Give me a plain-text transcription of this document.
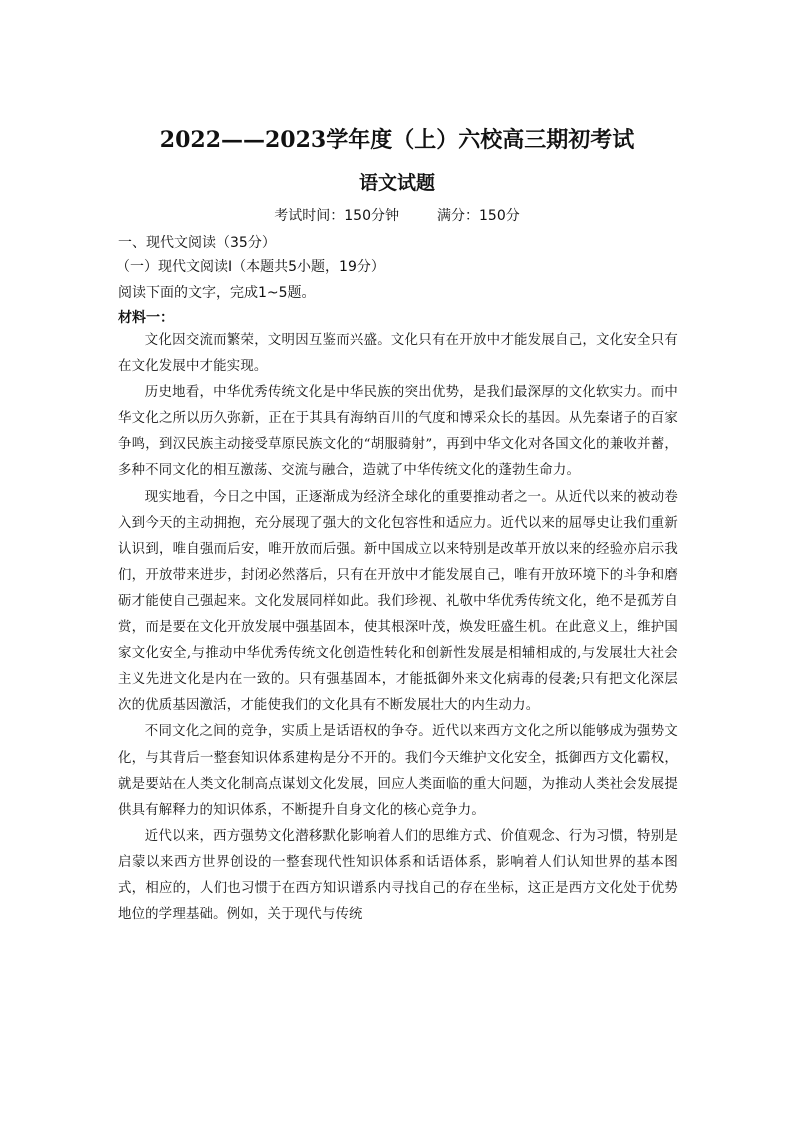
2022——2023学年度（上）六校高三期初考试
语文试题
考试时间：150分钟	满分：150分
一、现代文阅读（35分）
（一）现代文阅读Ⅰ（本题共5小题，19分）
阅读下面的文字，完成1~5题。
材料一：

文化因交流而繁荣，文明因互鉴而兴盛。文化只有在开放中才能发展自己，文化安全只有在文化发展中才能实现。

历史地看，中华优秀传统文化是中华民族的突出优势，是我们最深厚的文化软实力。而中华文化之所以历久弥新，正在于其具有海纳百川的气度和博采众长的基因。从先秦诸子的百家争鸣，到汉民族主动接受草原民族文化的“胡服骑射”，再到中华文化对各国文化的兼收并蓄，多种不同文化的相互激荡、交流与融合，造就了中华传统文化的蓬勃生命力。

现实地看，今日之中国，正逐渐成为经济全球化的重要推动者之一。从近代以来的被动卷入到今天的主动拥抱，充分展现了强大的文化包容性和适应力。近代以来的屈辱史让我们重新认识到，唯自强而后安，唯开放而后强。新中国成立以来特别是改革开放以来的经验亦启示我们，开放带来进步，封闭必然落后，只有在开放中才能发展自己，唯有开放环境下的斗争和磨砺才能使自己强起来。文化发展同样如此。我们珍视、礼敬中华优秀传统文化，绝不是孤芳自赏，而是要在文化开放发展中强基固本，使其根深叶茂，焕发旺盛生机。在此意义上，维护国家文化安全,与推动中华优秀传统文化创造性转化和创新性发展是相辅相成的,与发展壮大社会主义先进文化是内在一致的。只有强基固本，才能抵御外来文化病毒的侵袭;只有把文化深层次的优质基因激活，才能使我们的文化具有不断发展壮大的内生动力。

不同文化之间的竞争，实质上是话语权的争夺。近代以来西方文化之所以能够成为强势文化，与其背后一整套知识体系建构是分不开的。我们今天维护文化安全，抵御西方文化霸权，就是要站在人类文化制高点谋划文化发展，回应人类面临的重大问题，为推动人类社会发展提供具有解释力的知识体系，不断提升自身文化的核心竞争力。

近代以来，西方强势文化潜移默化影响着人们的思维方式、价值观念、行为习惯，特别是启蒙以来西方世界创设的一整套现代性知识体系和话语体系，影响着人们认知世界的基本图式，相应的，人们也习惯于在西方知识谱系内寻找自己的存在坐标，这正是西方文化处于优势地位的学理基础。例如，关于现代与传统
